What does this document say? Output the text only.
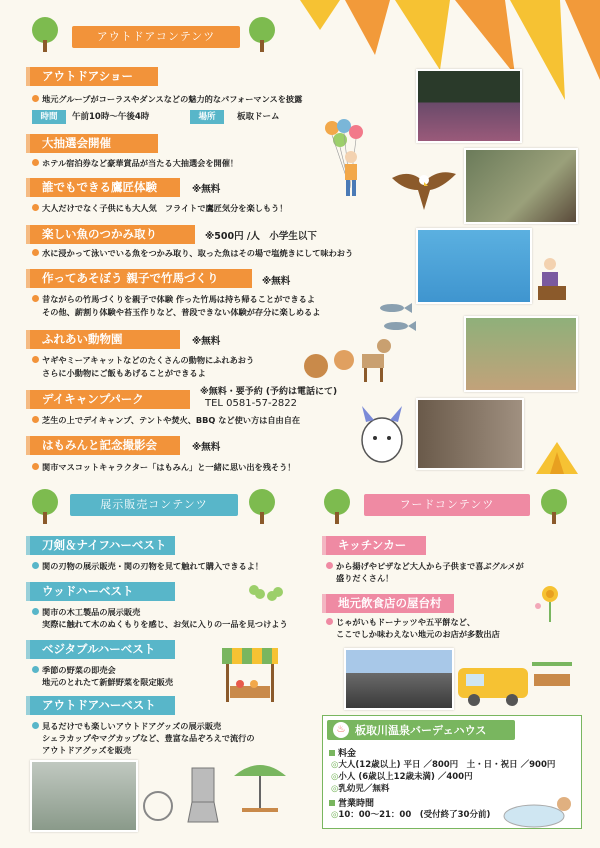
アウトドアコンテンツ
アウトドアショー
地元グループがコーラスやダンスなどの魅力的なパフォーマンスを披露
時間	午前10時～午後4時	場所	板取ドーム
大抽選会開催
ホテル宿泊券など豪華賞品が当たる大抽選会を開催！
誰でもできる鷹匠体験	※無料
大人だけでなく子供にも大人気　フライトで鷹匠気分を楽しもう！
楽しい魚のつかみ取り	※500円 /人　小学生以下
水に浸かって泳いでいる魚をつかみ取り、取った魚はその場で塩焼きにして味わおう
作ってあそぼう 親子で竹馬づくり	※無料
昔ながらの竹馬づくりを親子で体験 作った竹馬は持ち帰ることができるよ
その他、薪割り体験や苔玉作りなど、普段できない体験が存分に楽しめるよ
ふれあい動物園	※無料
ヤギやミーアキャットなどのたくさんの動物にふれあおう
さらに小動物にご飯もあげることができるよ
デイキャンプパーク	※無料・要予約 (予約は電話にて)
TEL 0581-57-2822
芝生の上でデイキャンプ、テントや焚火、BBQ など使い方は自由自在
はもみんと記念撮影会	※無料
関市マスコットキャラクター「はもみん」と一緒に思い出を残そう！
展示販売コンテンツ
刀剣＆ナイフハーベスト
関の刃物の展示販売・関の刃物を見て触れて購入できるよ！
ウッドハーベスト
関市の木工製品の展示販売
実際に触れて木のぬくもりを感じ、お気に入りの一品を見つけよう
ベジタブルハーベスト
季節の野菜の即売会
地元のとれたて新鮮野菜を限定販売
アウトドアハーベスト
見るだけでも楽しいアウトドアグッズの展示販売
シェラカップやマグカップなど、豊富な品ぞろえで流行の
アウトドアグッズを販売
フードコンテンツ
キッチンカー
から揚げやピザなど大人から子供まで喜ぶグルメが
盛りだくさん！
地元飲食店の屋台村
じゃがいもドーナッツや五平餅など、
ここでしか味わえない地元のお店が多数出店
♨ 板取川温泉バーデェハウス
料金
◎大人(12歳以上) 平日 ／800円　土・日・祝日 ／900円
◎小人 (6歳以上12歳未満) ／400円
◎乳幼児／無料
営業時間
◎10：00～21：00　(受付終了30分前)
